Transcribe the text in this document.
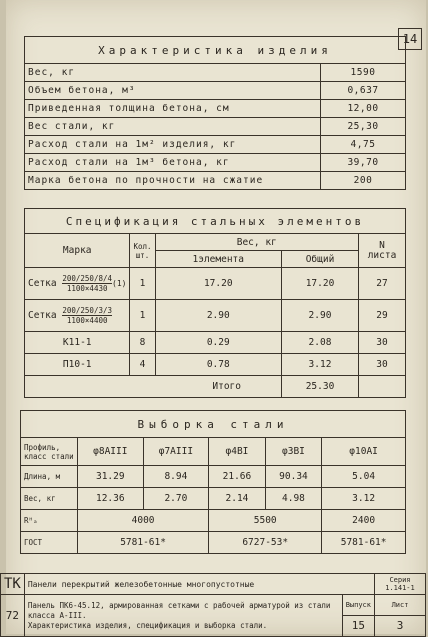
14
Характеристика изделия	
Вес, кг	1590
Объем бетона, м³	0,637
Приведенная толщина бетона, см	12,00
Вес стали, кг	25,30
Расход стали на 1м² изделия, кг	4,75
Расход стали на 1м³ бетона, кг	39,70
Марка бетона по прочности на сжатие	200
Спецификация стальных элементов				
Марка	Кол. шт.	Вес, кг		N листа
		1элемента	Общий	
Сетка $\frac{200/250/8/4}{1100\times 4430}(1)$	1	17.20	17.20	27
Сетка $\frac{200/250/3/3}{1100\times 4400}$	1	2.90	2.90	29
К11-1	8	0.29	2.08	30
П10-1	4	0.78	3.12	30
Итого			25.30	
Выборка стали					
Профиль, класс стали	φ8АIII	φ7АIII	φ4ВI	φ3ВI	φ10АI
Длина, м	31.29	8.94	21.66	90.34	5.04
Вес, кг	12.36	2.70	2.14	4.98	3.12
Rᴴₐ	4000		5500		2400
ГОСТ	5781-61*		6727-53*		5781-61*
ТК	Панели перекрытий железобетонные многопустотные		Серия
1.141-1
72	Панель ПК6-45.12, армированная сетками с рабочей арматурой из стали класса А-III.
Характеристика изделия, спецификация и выборка стали.	Выпуск	Лист
		15	3
